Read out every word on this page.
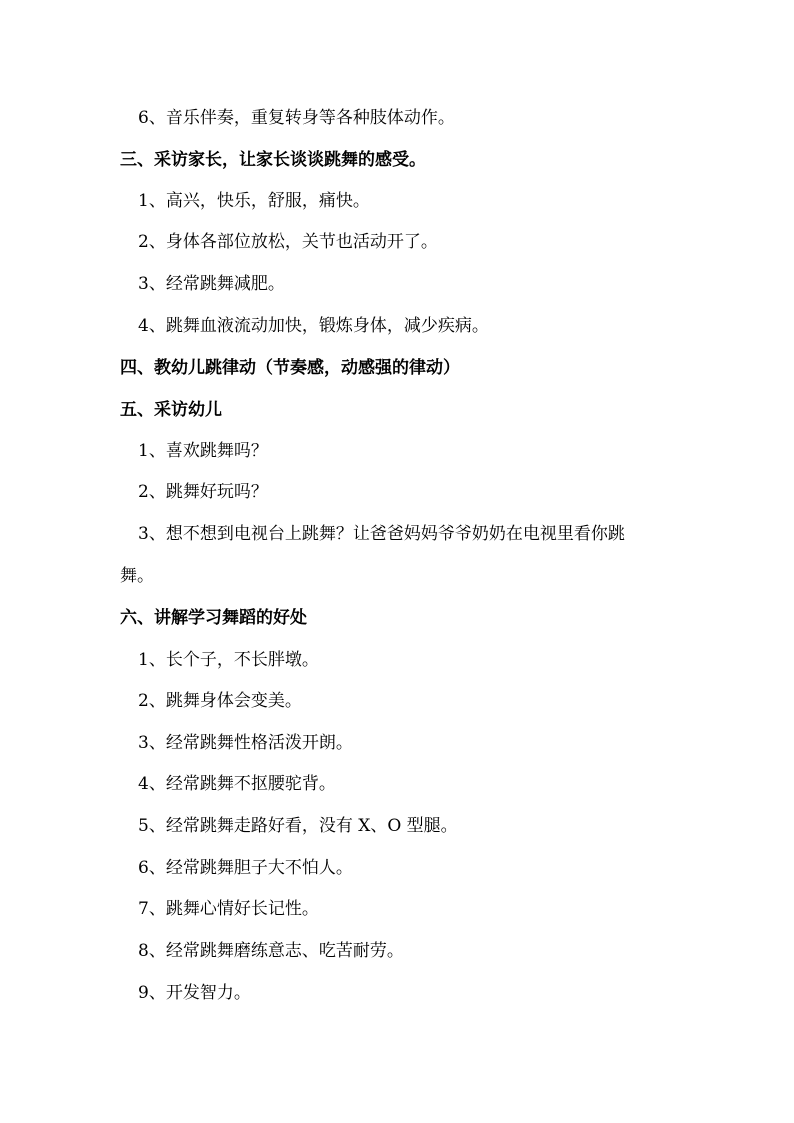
6、音乐伴奏，重复转身等各种肢体动作。
三、采访家长，让家长谈谈跳舞的感受。
1、高兴，快乐，舒服，痛快。
2、身体各部位放松，关节也活动开了。
3、经常跳舞减肥。
4、跳舞血液流动加快，锻炼身体，减少疾病。
四、教幼儿跳律动（节奏感，动感强的律动）
五、采访幼儿
1、喜欢跳舞吗？
2、跳舞好玩吗？
3、想不想到电视台上跳舞？让爸爸妈妈爷爷奶奶在电视里看你跳
舞。
六、讲解学习舞蹈的好处
1、长个子，不长胖墩。
2、跳舞身体会变美。
3、经常跳舞性格活泼开朗。
4、经常跳舞不抠腰驼背。
5、经常跳舞走路好看，没有 X、O 型腿。
6、经常跳舞胆子大不怕人。
7、跳舞心情好长记性。
8、经常跳舞磨练意志、吃苦耐劳。
9、开发智力。
